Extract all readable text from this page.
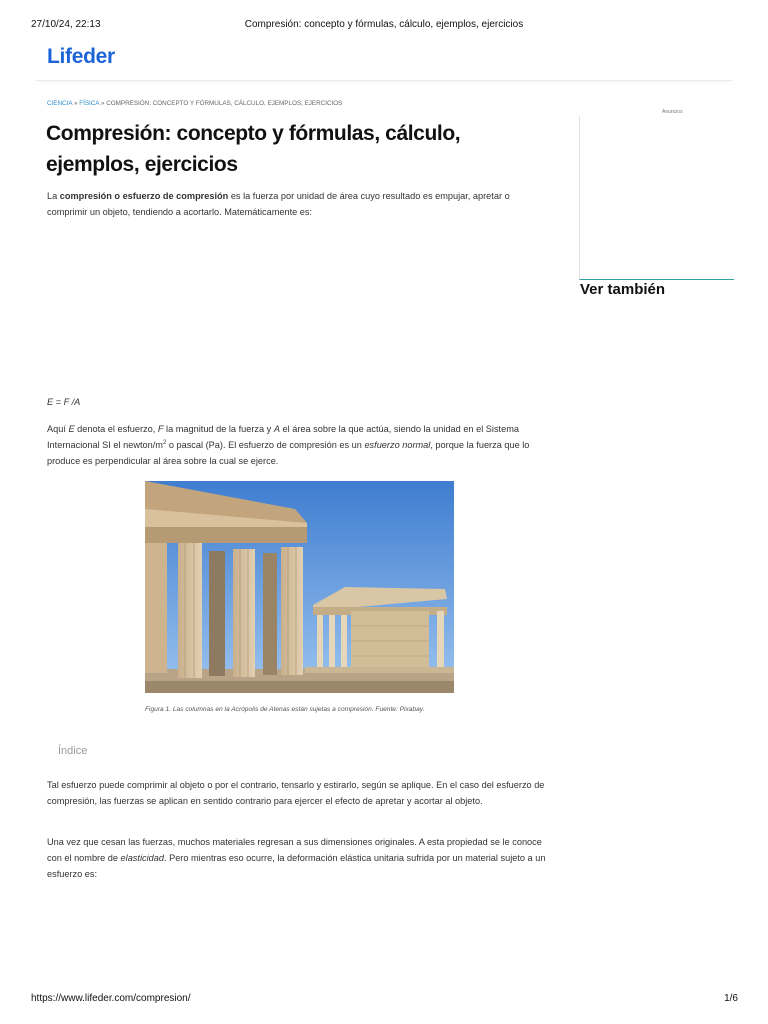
27/10/24, 22:13	Compresión: concepto y fórmulas, cálculo, ejemplos, ejercicios
Lifeder
CIENCIA » FÍSICA » COMPRESIÓN: CONCEPTO Y FÓRMULAS, CÁLCULO, EJEMPLOS, EJERCICIOS
Compresión: concepto y fórmulas, cálculo, ejemplos, ejercicios

La compresión o esfuerzo de compresión es la fuerza por unidad de área cuyo resultado es empujar, apretar o comprimir un objeto, tendiendo a acortarlo. Matemáticamente es:

E = F /A

Aquí E denota el esfuerzo, F la magnitud de la fuerza y A el área sobre la que actúa, siendo la unidad en el Sistema Internacional SI el newton/$m^2$ o pascal (Pa). El esfuerzo de compresión es un esfuerzo normal, porque la fuerza que lo produce es perpendicular al área sobre la cual se ejerce.

Figura 1. Las columnas en la Acrópolis de Atenas están sujetas a compresión. Fuente: Pixabay.
Índice

Tal esfuerzo puede comprimir al objeto o por el contrario, tensarlo y estirarlo, según se aplique. En el caso del esfuerzo de compresión, las fuerzas se aplican en sentido contrario para ejercer el efecto de apretar y acortar al objeto.

Una vez que cesan las fuerzas, muchos materiales regresan a sus dimensiones originales. A esta propiedad se le conoce con el nombre de elasticidad. Pero mientras eso ocurre, la deformación elástica unitaria sufrida por un material sujeto a un esfuerzo es:

Anuncios
Ver también
https://www.lifeder.com/compresion/	1/6
